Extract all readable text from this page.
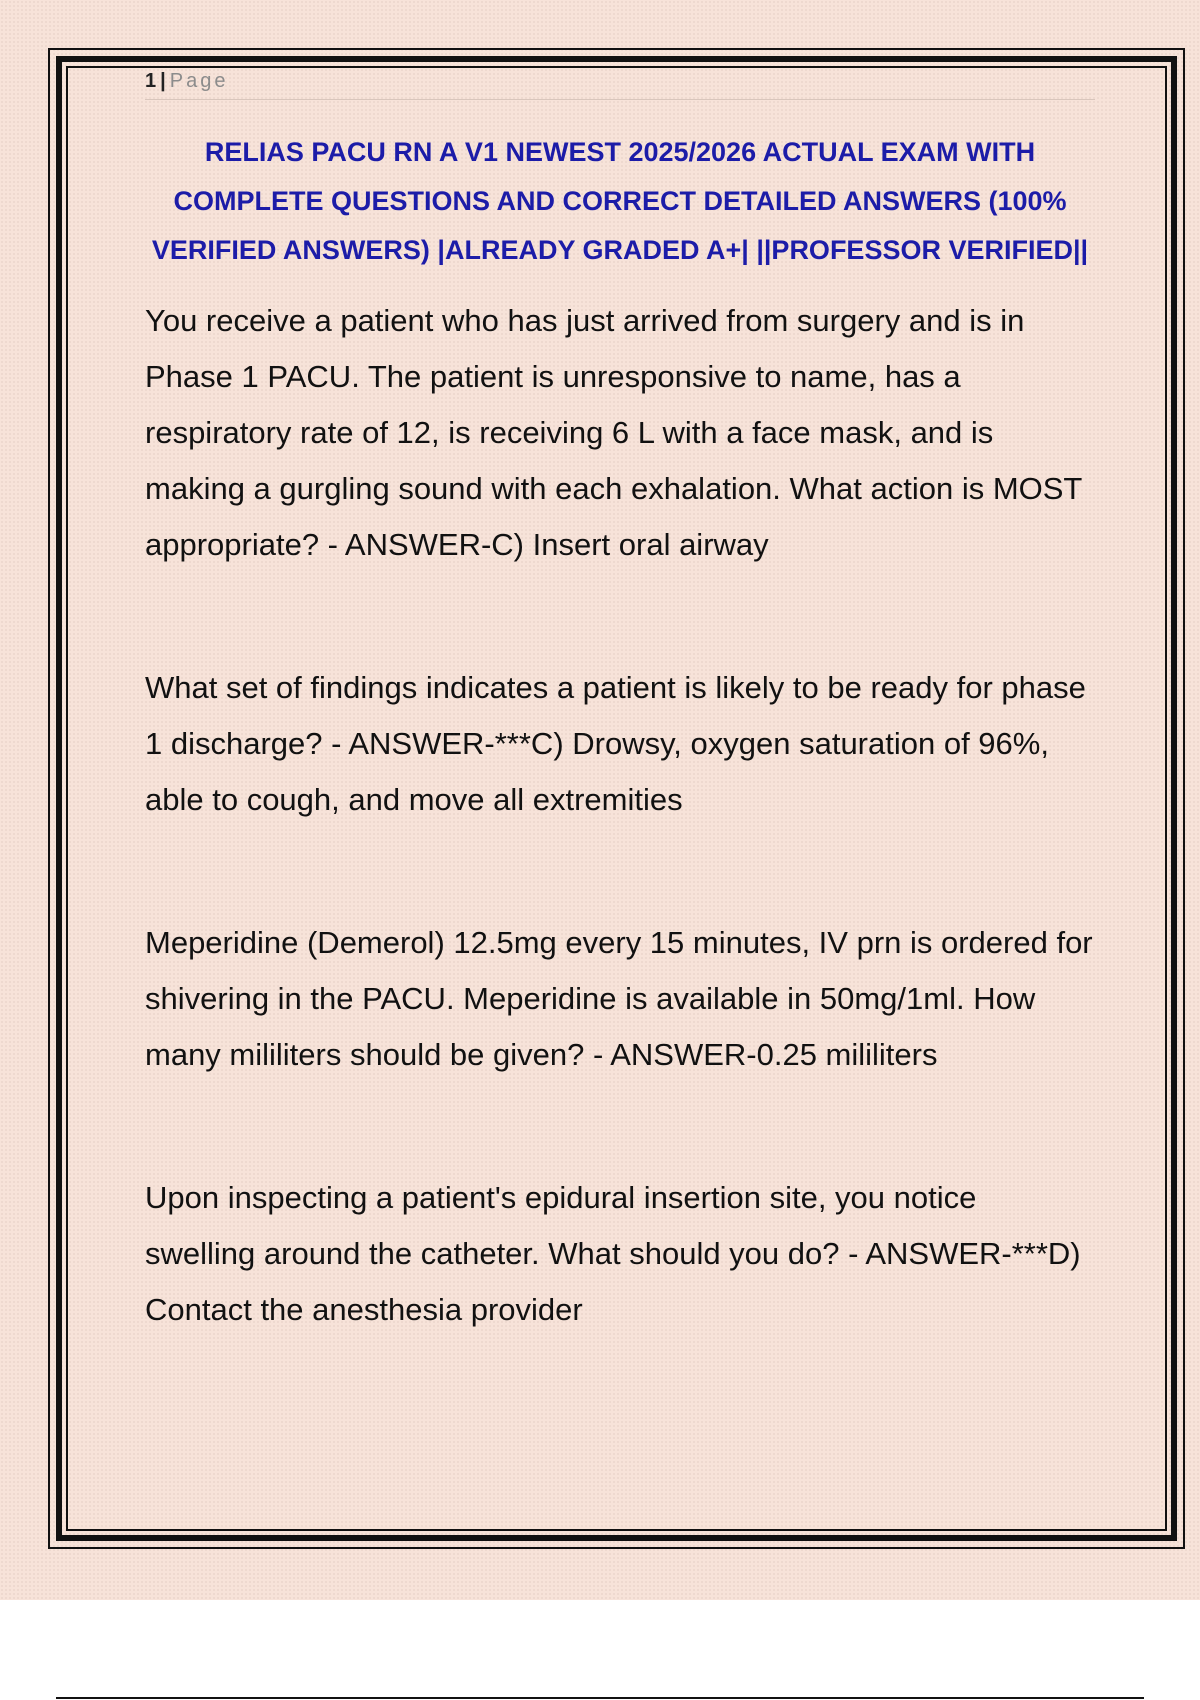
1 | Page
RELIAS PACU RN A V1 NEWEST 2025/2026 ACTUAL EXAM WITH COMPLETE QUESTIONS AND CORRECT DETAILED ANSWERS (100% VERIFIED ANSWERS) |ALREADY GRADED A+| ||PROFESSOR VERIFIED||

You receive a patient who has just arrived from surgery and is in Phase 1 PACU. The patient is unresponsive to name, has a respiratory rate of 12, is receiving 6 L with a face mask, and is making a gurgling sound with each exhalation. What action is MOST appropriate? - ANSWER-C) Insert oral airway

What set of findings indicates a patient is likely to be ready for phase 1 discharge? - ANSWER-***C) Drowsy, oxygen saturation of 96%, able to cough, and move all extremities

Meperidine (Demerol) 12.5mg every 15 minutes, IV prn is ordered for shivering in the PACU. Meperidine is available in 50mg/1ml. How many mililiters should be given? - ANSWER-0.25 mililiters

Upon inspecting a patient's epidural insertion site, you notice swelling around the catheter. What should you do? - ANSWER-***D) Contact the anesthesia provider
